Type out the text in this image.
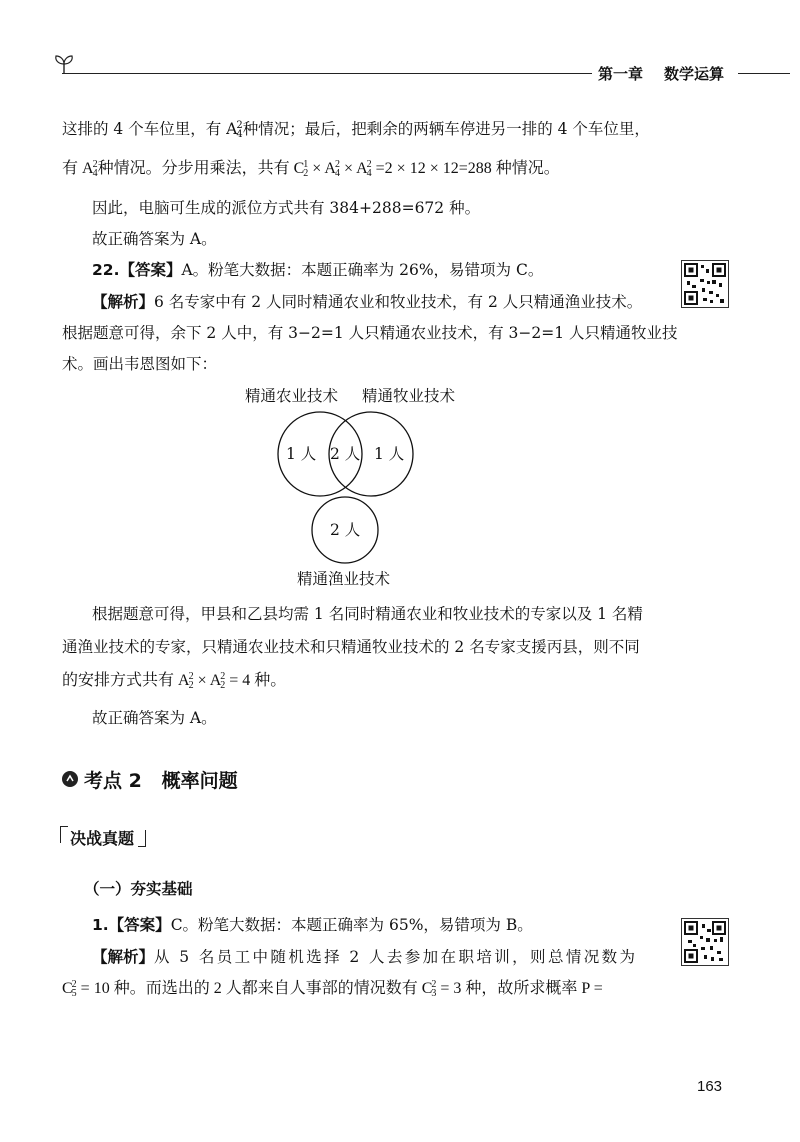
第一章 数学运算
这排的 4 个车位里，有 A 2
4 种情况；最后，把剩余的两辆车停进另一排的 4 个车位里，
有 A 2
4 种情况。分步用乘法，共有 C 1
2 × A 2
4 × A 2
4 =2 × 12 × 12=288 种情况。
因此，电脑可生成的派位方式共有 384+288=672 种。
故正确答案为 A。
22.【答案】A。粉笔大数据：本题正确率为 26%，易错项为 C。
【解析】6 名专家中有 2 人同时精通农业和牧业技术，有 2 人只精通渔业技术。
根据题意可得，余下 2 人中，有 3−2=1 人只精通农业技术，有 3−2=1 人只精通牧业技
术。画出韦恩图如下：
精通农业技术 精通牧业技术
1 人 2 人 1 人
2 人
精通渔业技术
根据题意可得，甲县和乙县均需 1 名同时精通农业和牧业技术的专家以及 1 名精
通渔业技术的专家，只精通农业技术和只精通牧业技术的 2 名专家支援丙县，则不同
的安排方式共有 A 2
2 × A 2
2 = 4 种。
故正确答案为 A。
考点 2   概率问题
决战真题
（一）夯实基础
1.【答案】C。粉笔大数据：本题正确率为 65%，易错项为 B。
【解析】从 5 名员工中随机选择 2 人去参加在职培训，则总情况数为
C 2
5 = 10 种。而选出的 2 人都来自人事部的情况数有 C 2
3 = 3 种，故所求概率 P =
163
